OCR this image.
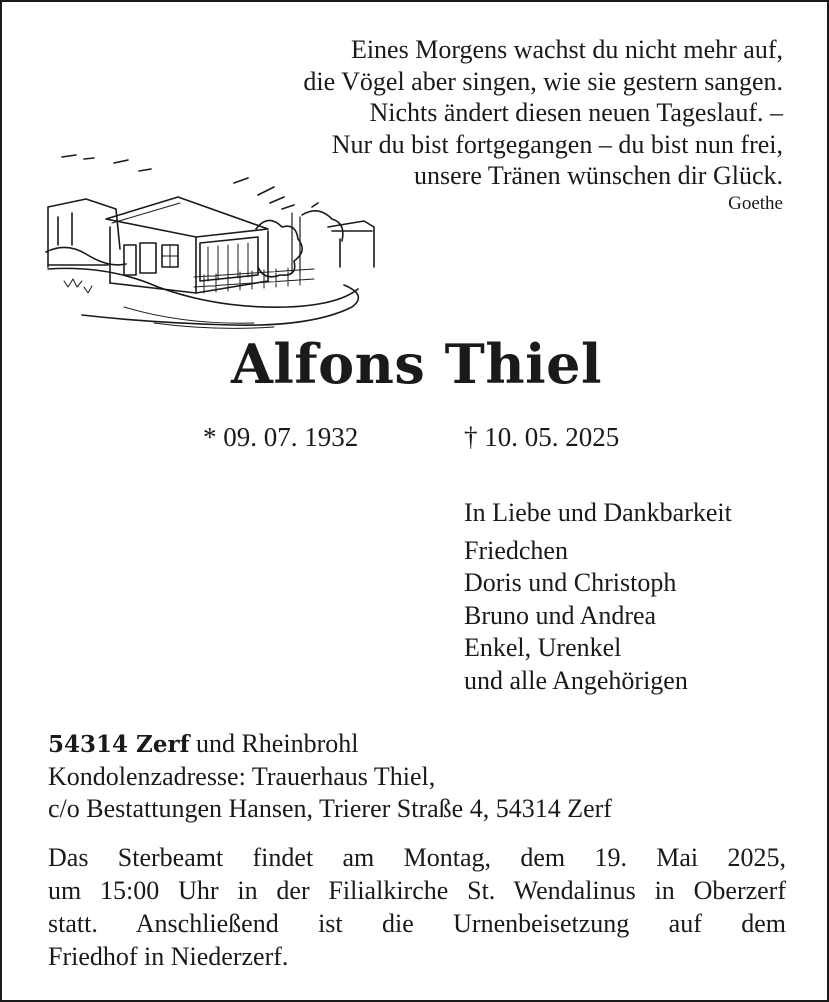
Eines Morgens wachst du nicht mehr auf,
die Vögel aber singen, wie sie gestern sangen.
Nichts ändert diesen neuen Tageslauf. –
Nur du bist fortgegangen – du bist nun frei,
unsere Tränen wünschen dir Glück.
Goethe
Alfons Thiel
* 09. 07. 1932	† 10. 05. 2025
In Liebe und Dankbarkeit
Friedchen
Doris und Christoph
Bruno und Andrea
Enkel, Urenkel
und alle Angehörigen
54314 Zerf und Rheinbrohl
Kondolenzadresse: Trauerhaus Thiel,
c/o Bestattungen Hansen, Trierer Straße 4, 54314 Zerf
Das Sterbeamt findet am Montag, dem 19. Mai 2025,
um 15:00 Uhr in der Filialkirche St. Wendalinus in Oberzerf
statt. Anschließend ist die Urnenbeisetzung auf dem
Friedhof in Niederzerf.
